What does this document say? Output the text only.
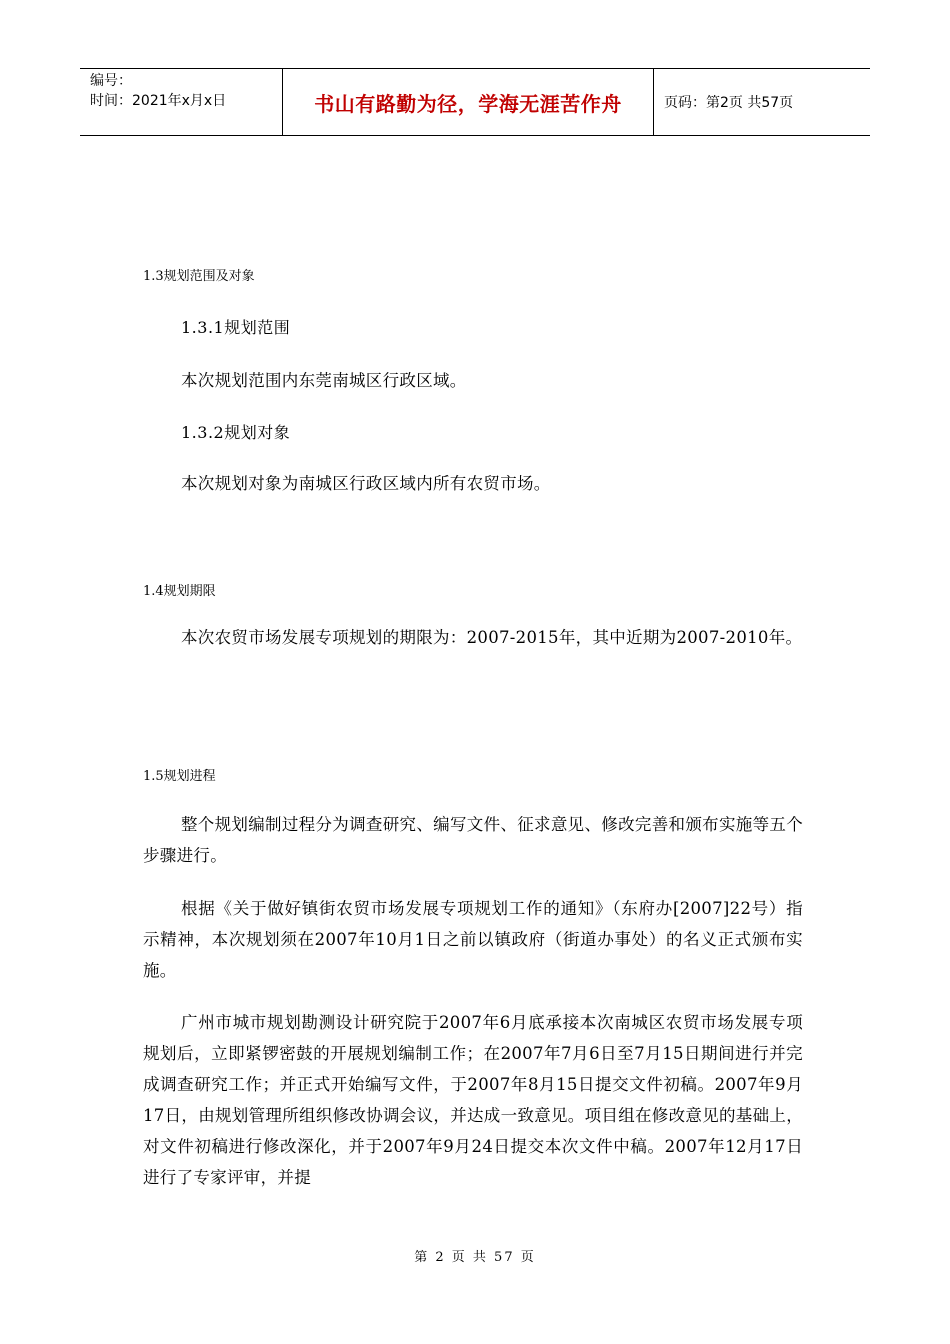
编号：
时间：2021年x月x日	书山有路勤为径，学海无涯苦作舟	页码：第2页 共57页
1.3规划范围及对象
1.3.1规划范围

本次规划范围内东莞南城区行政区域。

1.3.2规划对象

本次规划对象为南城区行政区域内所有农贸市场。

1.4规划期限

本次农贸市场发展专项规划的期限为：2007-2015年，其中近期为2007-2010年。

1.5规划进程

整个规划编制过程分为调查研究、编写文件、征求意见、修改完善和颁布实施等五个步骤进行。

根据《关于做好镇街农贸市场发展专项规划工作的通知》（东府办[2007]22号）指示精神，本次规划须在2007年10月1日之前以镇政府（街道办事处）的名义正式颁布实施。

广州市城市规划勘测设计研究院于2007年6月底承接本次南城区农贸市场发展专项规划后，立即紧锣密鼓的开展规划编制工作；在2007年7月6日至7月15日期间进行并完成调查研究工作；并正式开始编写文件，于2007年8月15日提交文件初稿。2007年9月17日，由规划管理所组织修改协调会议，并达成一致意见。项目组在修改意见的基础上，对文件初稿进行修改深化，并于2007年9月24日提交本次文件中稿。2007年12月17日进行了专家评审，并提

第 2 页 共 57 页
